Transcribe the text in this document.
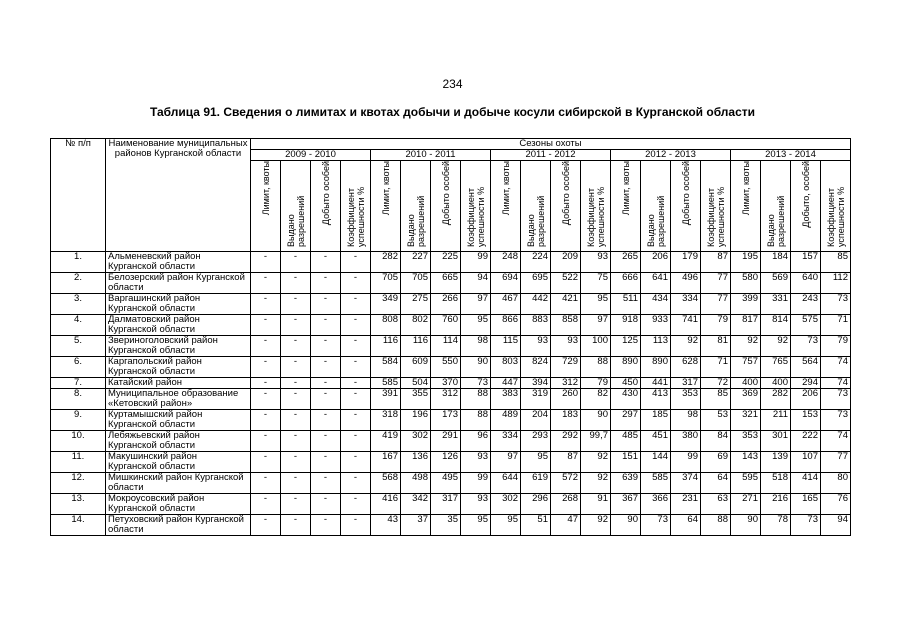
234
Таблица 91. Сведения о лимитах и квотах добычи и добыче косули сибирской в Курганской области
№ п/п	Наименование муниципальных районов Курганской области	Сезоны охоты																			
		2009 - 2010				2010 - 2011				2011 - 2012				2012 - 2013				2013 - 2014			

		Лимит, квоты	Выдано разрешений	Добыто особей	Коэффициент успешности %	Лимит, квоты	Выдано разрешений	Добыто особей	Коэффициент успешности %	Лимит, квоты	Выдано разрешений	Добыто особей	Коэффициент успешности %	Лимит, квоты	Выдано разрешений	Добыто особей	Коэффициент успешности %	Лимит, квоты	Выдано разрешений	Добыто, особей	Коэффициент успешности %

1.	Альменевский район Курганской области	-	-	-	-	282	227	225	99	248	224	209	93	265	206	179	87	195	184	157	85
2.	Белозерский район Курганской области	-	-	-	-	705	705	665	94	694	695	522	75	666	641	496	77	580	569	640	112
3.	Варгашинский район Курганской области	-	-	-	-	349	275	266	97	467	442	421	95	511	434	334	77	399	331	243	73
4.	Далматовский район Курганской области	-	-	-	-	808	802	760	95	866	883	858	97	918	933	741	79	817	814	575	71
5.	Звериноголовский район Курганской области	-	-	-	-	116	116	114	98	115	93	93	100	125	113	92	81	92	92	73	79
6.	Каргапольский район Курганской области	-	-	-	-	584	609	550	90	803	824	729	88	890	890	628	71	757	765	564	74
7.	Катайский район	-	-	-	-	585	504	370	73	447	394	312	79	450	441	317	72	400	400	294	74
8.	Муниципальное образование «Кетовский район»	-	-	-	-	391	355	312	88	383	319	260	82	430	413	353	85	369	282	206	73
9.	Куртамышский район Курганской области	-	-	-	-	318	196	173	88	489	204	183	90	297	185	98	53	321	211	153	73
10.	Лебяжьевский район Курганской области	-	-	-	-	419	302	291	96	334	293	292	99,7	485	451	380	84	353	301	222	74
11.	Макушинский район Курганской области	-	-	-	-	167	136	126	93	97	95	87	92	151	144	99	69	143	139	107	77
12.	Мишкинский район Курганской области	-	-	-	-	568	498	495	99	644	619	572	92	639	585	374	64	595	518	414	80
13.	Мокроусовский район Курганской области	-	-	-	-	416	342	317	93	302	296	268	91	367	366	231	63	271	216	165	76
14.	Петуховский район Курганской области	-	-	-	-	43	37	35	95	95	51	47	92	90	73	64	88	90	78	73	94
